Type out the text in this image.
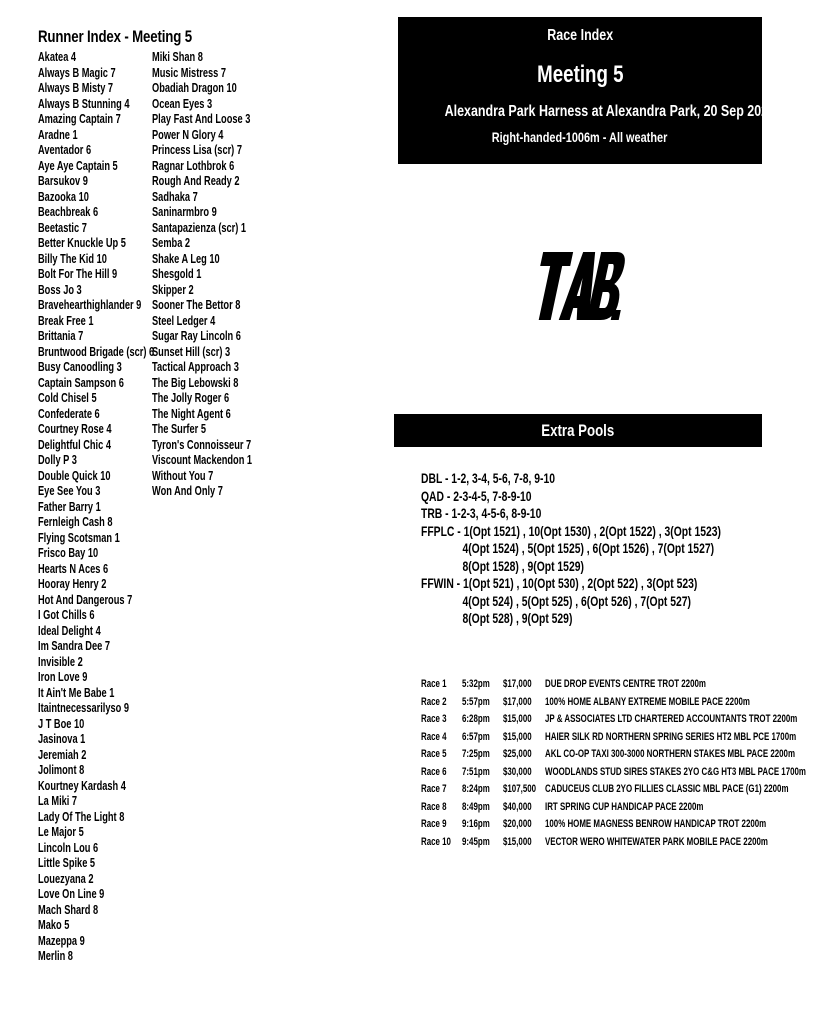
Runner Index - Meeting 5
Akatea 4
Always B Magic 7
Always B Misty 7
Always B Stunning 4
Amazing Captain 7
Aradne 1
Aventador 6
Aye Aye Captain 5
Barsukov 9
Bazooka 10
Beachbreak 6
Beetastic 7
Better Knuckle Up 5
Billy The Kid 10
Bolt For The Hill 9
Boss Jo 3
Bravehearthighlander 9
Break Free 1
Brittania 7
Bruntwood Brigade (scr) 6
Busy Canoodling 3
Captain Sampson 6
Cold Chisel 5
Confederate 6
Courtney Rose 4
Delightful Chic 4
Dolly P 3
Double Quick 10
Eye See You 3
Father Barry 1
Fernleigh Cash 8
Flying Scotsman 1
Frisco Bay 10
Hearts N Aces 6
Hooray Henry 2
Hot And Dangerous 7
I Got Chills 6
Ideal Delight 4
Im Sandra Dee 7
Invisible 2
Iron Love 9
It Ain't Me Babe 1
Itaintnecessarilyso 9
J T Boe 10
Jasinova 1
Jeremiah 2
Jolimont 8
Kourtney Kardash 4
La Miki 7
Lady Of The Light 8
Le Major 5
Lincoln Lou 6
Little Spike 5
Louezyana 2
Love On Line 9
Mach Shard 8
Mako 5
Mazeppa 9
Merlin 8
Miki Shan 8
Music Mistress 7
Obadiah Dragon 10
Ocean Eyes 3
Play Fast And Loose 3
Power N Glory 4
Princess Lisa (scr) 7
Ragnar Lothbrok 6
Rough And Ready 2
Sadhaka 7
Saninarmbro 9
Santapazienza (scr) 1
Semba 2
Shake A Leg 10
Shesgold 1
Skipper 2
Sooner The Bettor 8
Steel Ledger 4
Sugar Ray Lincoln 6
Sunset Hill (scr) 3
Tactical Approach 3
The Big Lebowski 8
The Jolly Roger 6
The Night Agent 6
The Surfer 5
Tyron's Connoisseur 7
Viscount Mackendon 1
Without You 7
Won And Only 7
Race Index
Meeting 5
Alexandra Park Harness at Alexandra Park, 20 Sep 2024
Right-handed-1006m - All weather
Extra Pools
DBL - 1-2, 3-4, 5-6, 7-8, 9-10
QAD - 2-3-4-5, 7-8-9-10
TRB - 1-2-3, 4-5-6, 8-9-10
FFPLC - 1(Opt 1521) , 10(Opt 1530) , 2(Opt 1522) , 3(Opt 1523)
4(Opt 1524) , 5(Opt 1525) , 6(Opt 1526) , 7(Opt 1527)
8(Opt 1528) , 9(Opt 1529)
FFWIN - 1(Opt 521) , 10(Opt 530) , 2(Opt 522) , 3(Opt 523)
4(Opt 524) , 5(Opt 525) , 6(Opt 526) , 7(Opt 527)
8(Opt 528) , 9(Opt 529)
Race 1 5:32pm $17,000 DUE DROP EVENTS CENTRE TROT 2200m
Race 2 5:57pm $17,000 100% HOME ALBANY EXTREME MOBILE PACE 2200m
Race 3 6:28pm $15,000 JP & ASSOCIATES LTD CHARTERED ACCOUNTANTS TROT 2200m
Race 4 6:57pm $15,000 HAIER SILK RD NORTHERN SPRING SERIES HT2 MBL PCE 1700m
Race 5 7:25pm $25,000 AKL CO-OP TAXI 300-3000 NORTHERN STAKES MBL PACE 2200m
Race 6 7:51pm $30,000 WOODLANDS STUD SIRES STAKES 2YO C&G HT3 MBL PACE 1700m
Race 7 8:24pm $107,500 CADUCEUS CLUB 2YO FILLIES CLASSIC MBL PACE (G1) 2200m
Race 8 8:49pm $40,000 IRT SPRING CUP HANDICAP PACE 2200m
Race 9 9:16pm $20,000 100% HOME MAGNESS BENROW HANDICAP TROT 2200m
Race 10 9:45pm $15,000 VECTOR WERO WHITEWATER PARK MOBILE PACE 2200m
